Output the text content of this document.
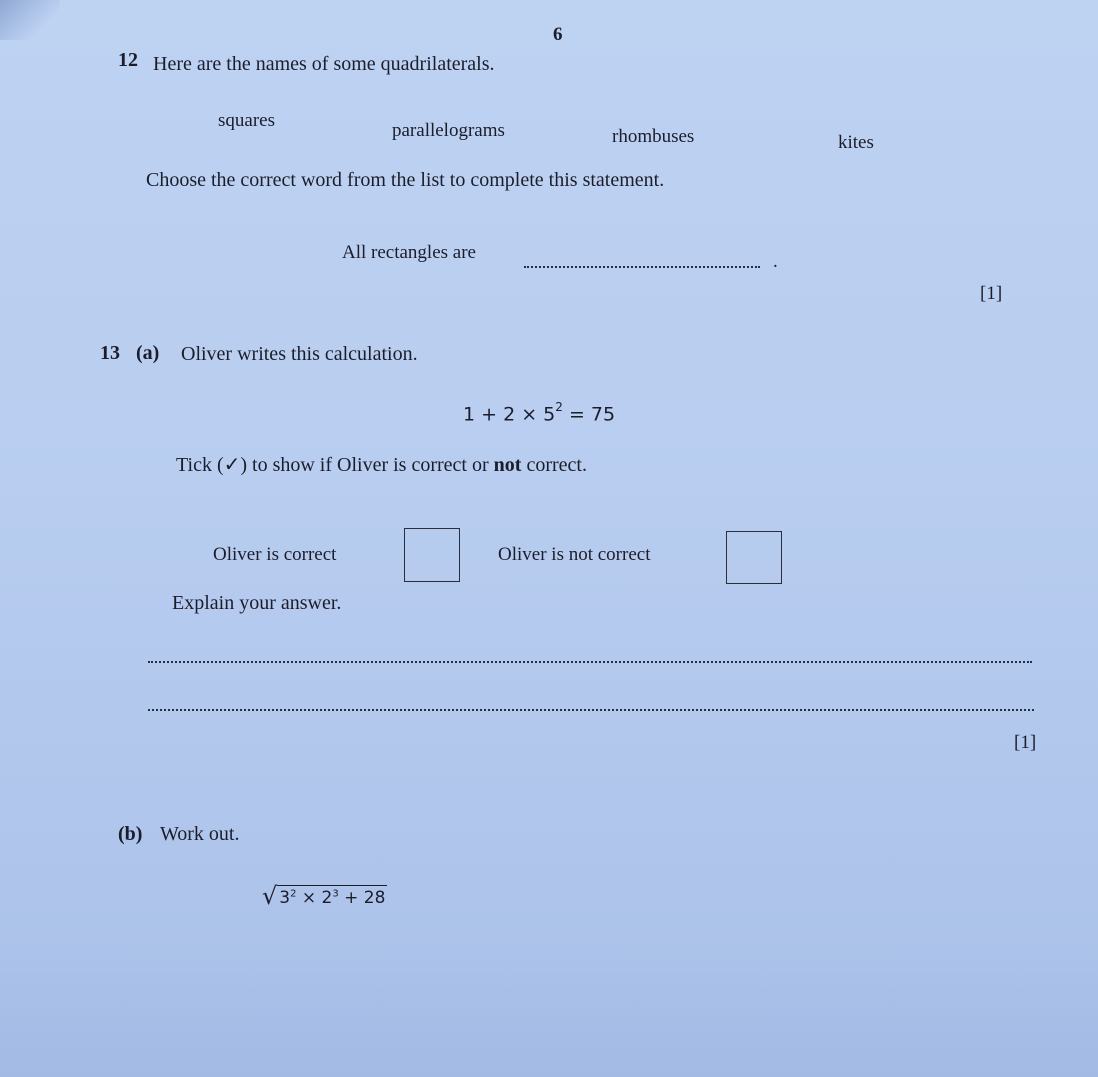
6
12 Here are the names of some quadrilaterals.
squares	parallelograms	rhombuses	kites
Choose the correct word from the list to complete this statement.
All rectangles are	.
[1]
13 (a) Oliver writes this calculation.
$1 + 2 \times 5^2 = 75$
Tick (✓) to show if Oliver is correct or not correct.
Oliver is correct	Oliver is not correct
Explain your answer.
[1]
(b) Work out.
√ $3^2 \times 2^3 + 28$
